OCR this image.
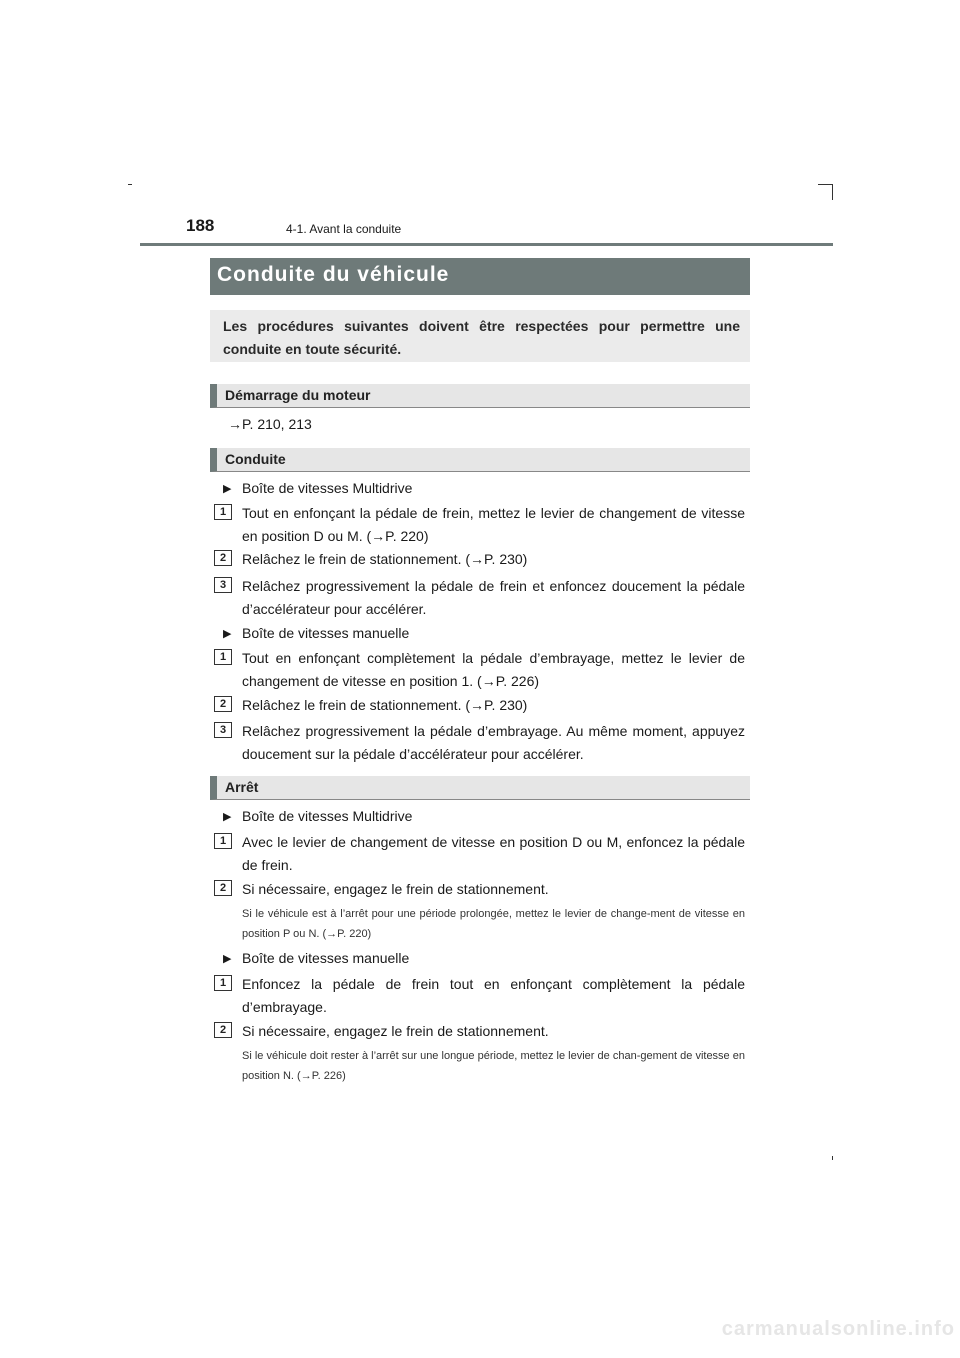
188	4-1. Avant la conduite
Conduite du véhicule
Les procédures suivantes doivent être respectées pour permettre une conduite en toute sécurité.
Démarrage du moteur
→P. 210, 213
Conduite
▶ Boîte de vitesses Multidrive
1	Tout en enfonçant la pédale de frein, mettez le levier de changement de vitesse en position D ou M. (→P. 220)
2	Relâchez le frein de stationnement. (→P. 230)
3	Relâchez progressivement la pédale de frein et enfoncez doucement la pédale d’accélérateur pour accélérer.
▶ Boîte de vitesses manuelle
1	Tout en enfonçant complètement la pédale d’embrayage, mettez le levier de changement de vitesse en position 1. (→P. 226)
2	Relâchez le frein de stationnement. (→P. 230)
3	Relâchez progressivement la pédale d’embrayage. Au même moment, appuyez doucement sur la pédale d’accélérateur pour accélérer.
Arrêt
▶ Boîte de vitesses Multidrive
1	Avec le levier de changement de vitesse en position D ou M, enfoncez la pédale de frein.
2	Si nécessaire, engagez le frein de stationnement.
Si le véhicule est à l’arrêt pour une période prolongée, mettez le levier de change-ment de vitesse en position P ou N. (→P. 220)
▶ Boîte de vitesses manuelle
1	Enfoncez la pédale de frein tout en enfonçant complètement la pédale d’embrayage.
2	Si nécessaire, engagez le frein de stationnement.
Si le véhicule doit rester à l’arrêt sur une longue période, mettez le levier de chan-gement de vitesse en position N. (→P. 226)
carmanualsonline.info
